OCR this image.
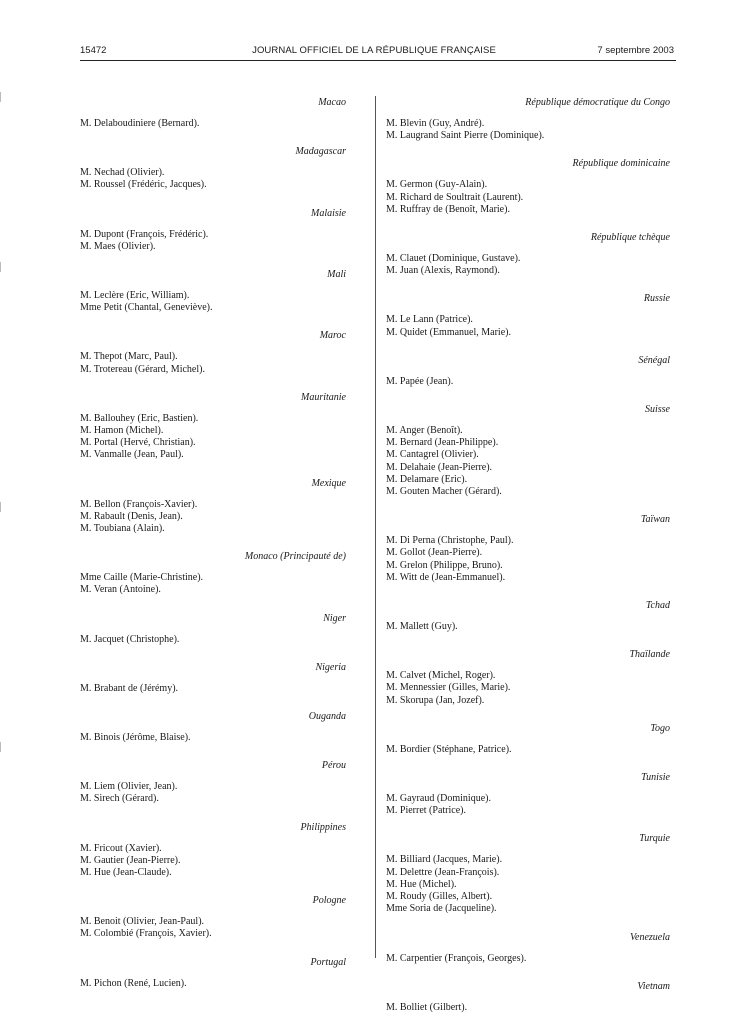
15472	JOURNAL OFFICIEL DE LA RÉPUBLIQUE FRANÇAISE	7 septembre 2003
Macao
M. Delaboudiniere (Bernard).
Madagascar
M. Nechad (Olivier).
M. Roussel (Frédéric, Jacques).
Malaisie
M. Dupont (François, Frédéric).
M. Maes (Olivier).
Mali
M. Leclère (Eric, William).
Mme Petit (Chantal, Geneviève).
Maroc
M. Thepot (Marc, Paul).
M. Trotereau (Gérard, Michel).
Mauritanie
M. Ballouhey (Eric, Bastien).
M. Hamon (Michel).
M. Portal (Hervé, Christian).
M. Vanmalle (Jean, Paul).
Mexique
M. Bellon (François-Xavier).
M. Rabault (Denis, Jean).
M. Toubiana (Alain).
Monaco (Principauté de)
Mme Caille (Marie-Christine).
M. Veran (Antoine).
Niger
M. Jacquet (Christophe).
Nigeria
M. Brabant de (Jérémy).
Ouganda
M. Binois (Jérôme, Blaise).
Pérou
M. Liem (Olivier, Jean).
M. Sirech (Gérard).
Philippines
M. Fricout (Xavier).
M. Gautier (Jean-Pierre).
M. Hue (Jean-Claude).
Pologne
M. Benoit (Olivier, Jean-Paul).
M. Colombié (François, Xavier).
Portugal
M. Pichon (René, Lucien).
République démocratique du Congo
M. Blevin (Guy, André).
M. Laugrand Saint Pierre (Dominique).
République dominicaine
M. Germon (Guy-Alain).
M. Richard de Soultrait (Laurent).
M. Ruffray de (Benoît, Marie).
République tchèque
M. Clauet (Dominique, Gustave).
M. Juan (Alexis, Raymond).
Russie
M. Le Lann (Patrice).
M. Quidet (Emmanuel, Marie).
Sénégal
M. Papée (Jean).
Suisse
M. Anger (Benoît).
M. Bernard (Jean-Philippe).
M. Cantagrel (Olivier).
M. Delahaie (Jean-Pierre).
M. Delamare (Eric).
M. Gouten Macher (Gérard).
Taïwan
M. Di Perna (Christophe, Paul).
M. Gollot (Jean-Pierre).
M. Grelon (Philippe, Bruno).
M. Witt de (Jean-Emmanuel).
Tchad
M. Mallett (Guy).
Thaïlande
M. Calvet (Michel, Roger).
M. Mennessier (Gilles, Marie).
M. Skorupa (Jan, Jozef).
Togo
M. Bordier (Stéphane, Patrice).
Tunisie
M. Gayraud (Dominique).
M. Pierret (Patrice).
Turquie
M. Billiard (Jacques, Marie).
M. Delettre (Jean-François).
M. Hue (Michel).
M. Roudy (Gilles, Albert).
Mme Soria de (Jacqueline).
Venezuela
M. Carpentier (François, Georges).
Vietnam
M. Bolliet (Gilbert).
